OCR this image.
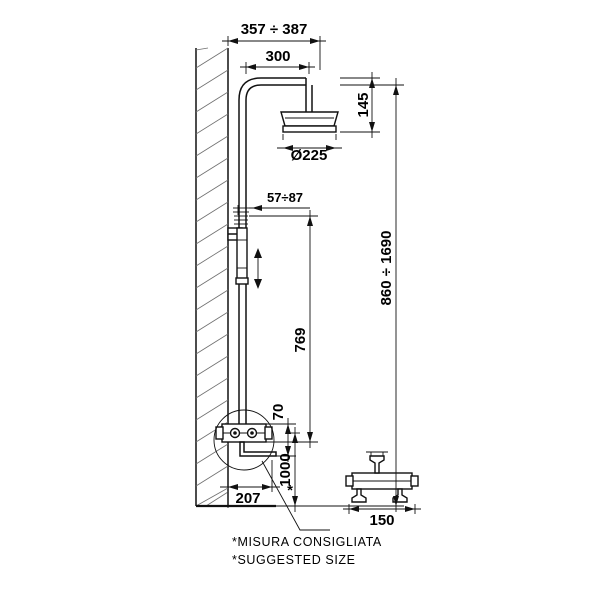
357 ÷ 387
300
145
Ø225
57÷87
860 ÷ 1690
769
70
1000
*
207
150
*MISURA CONSIGLIATA
*SUGGESTED SIZE
